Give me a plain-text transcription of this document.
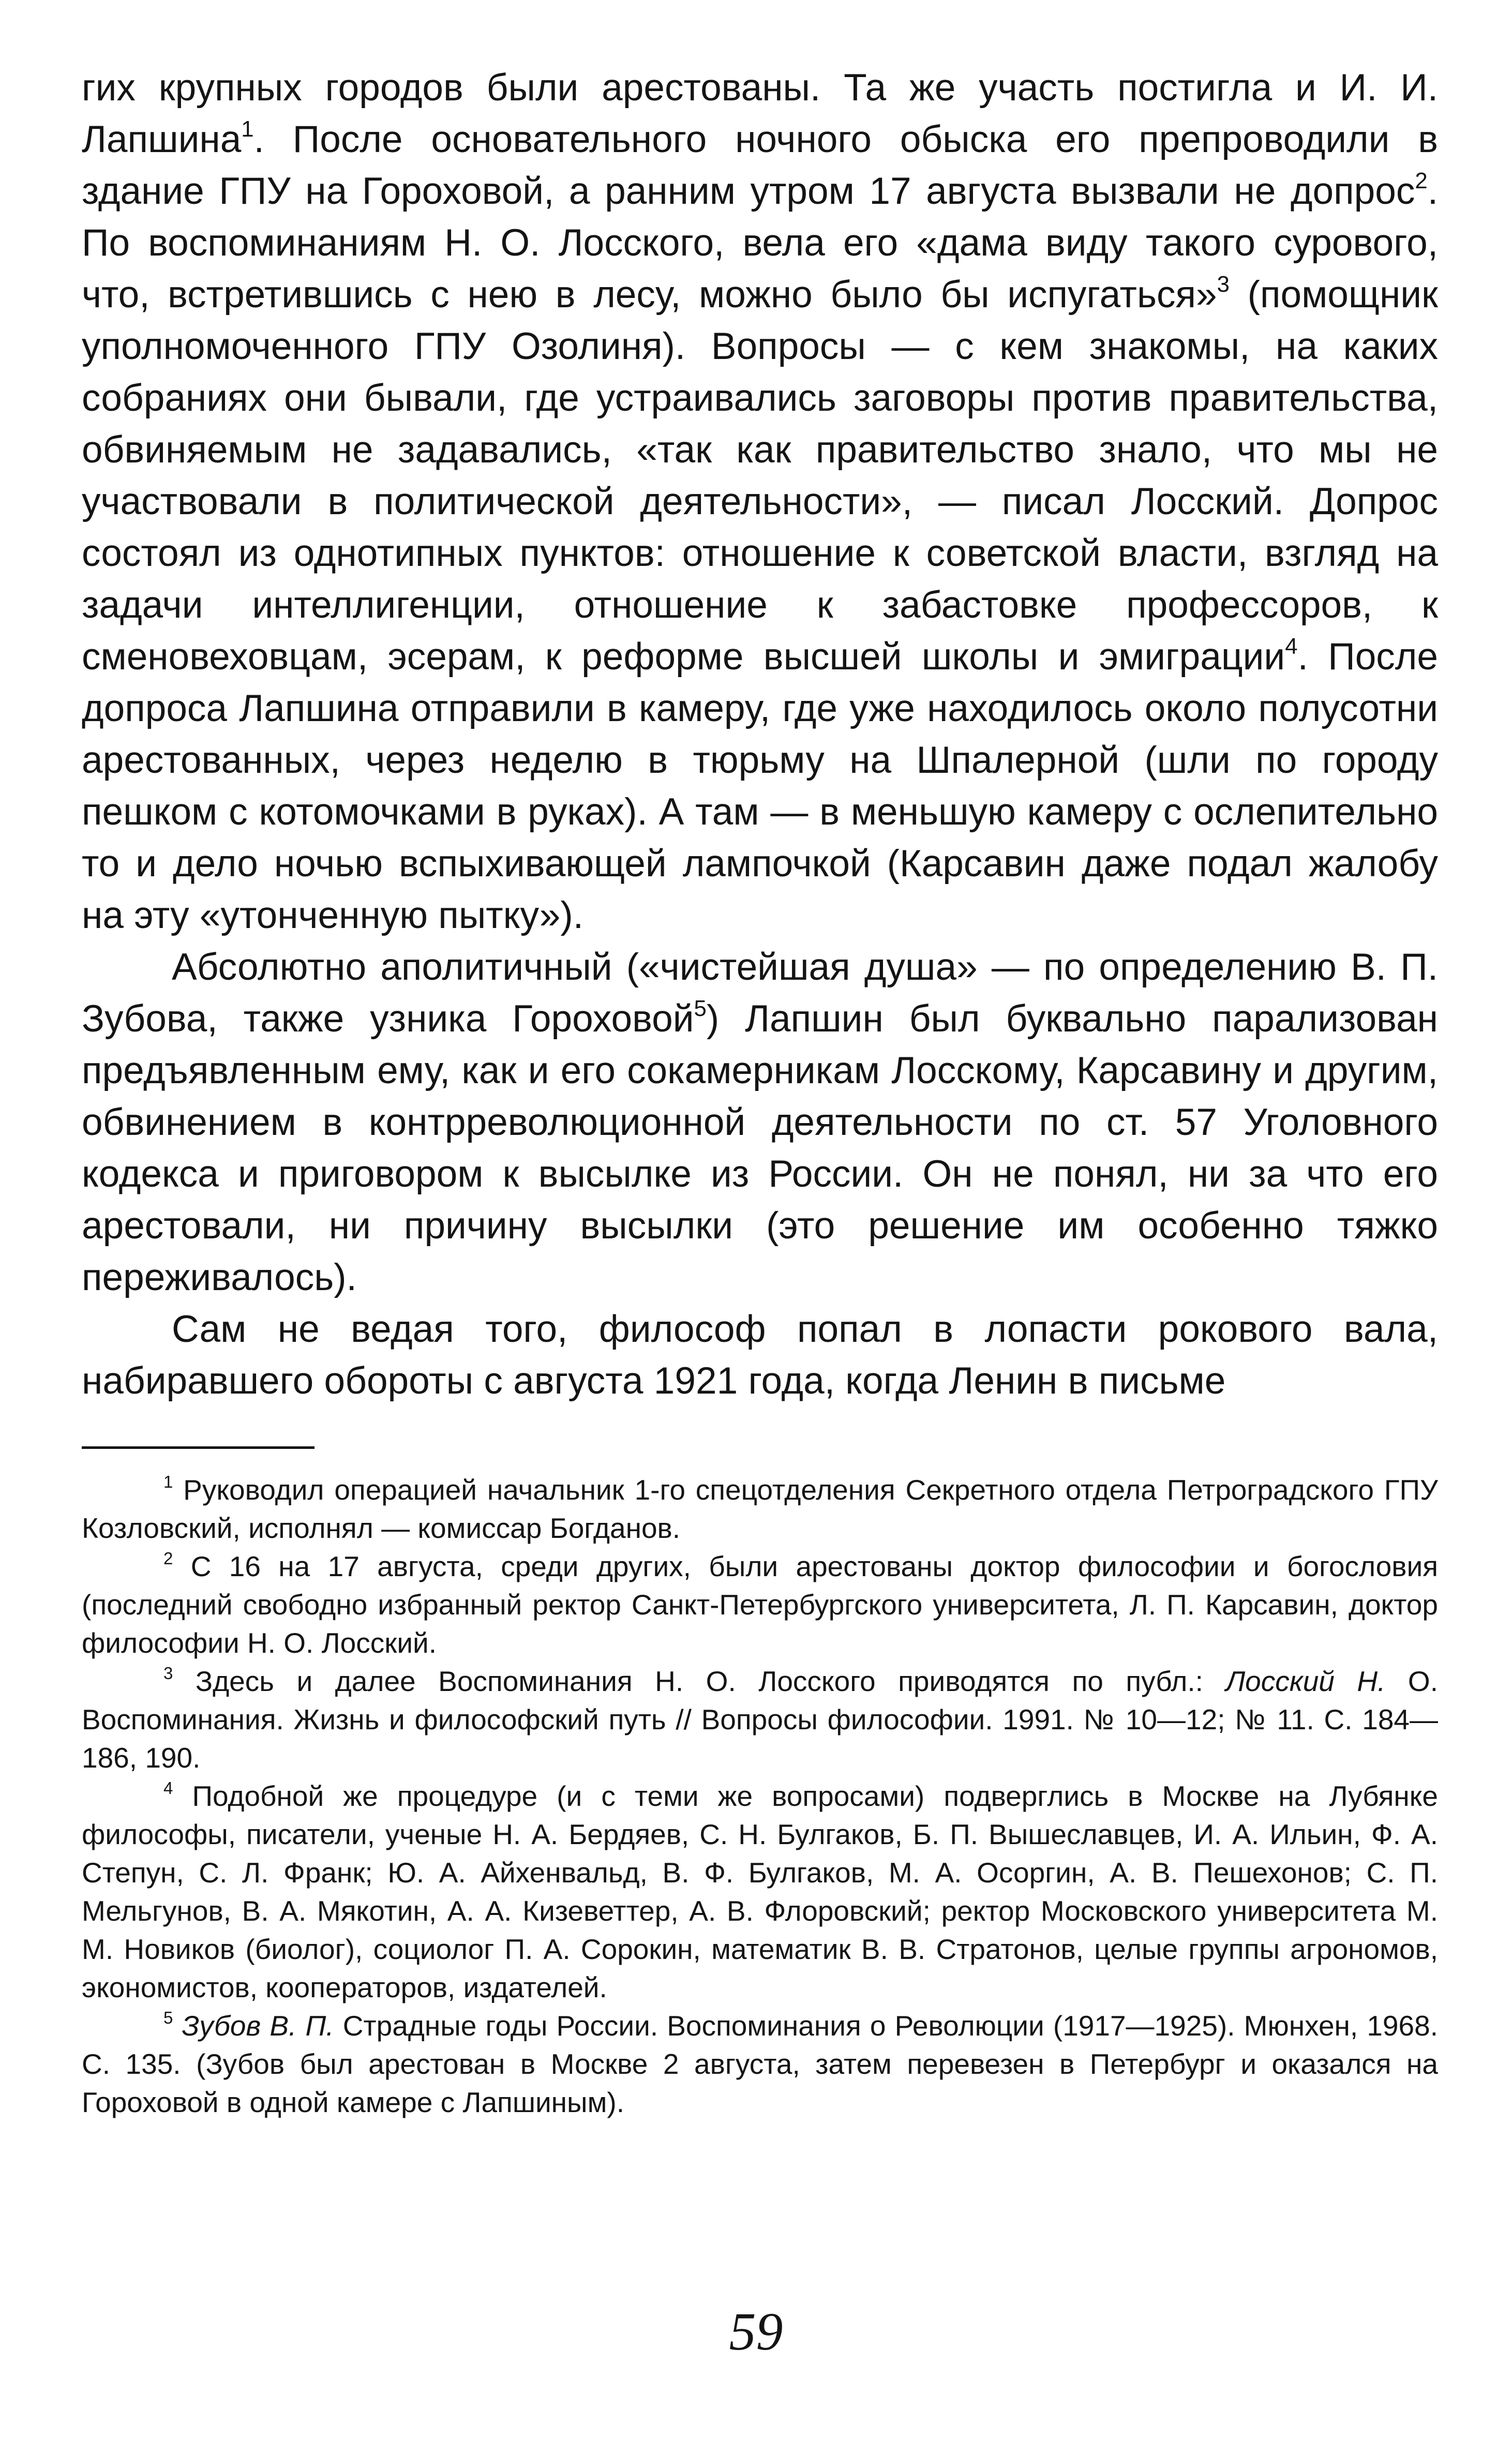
гих крупных городов были арестованы. Та же участь постигла и И. И. Лапшина$^1$. После основательного ночного обыска его препроводили в здание ГПУ на Гороховой, а ранним утром 17 августа вызвали не допрос$^2$. По воспоминаниям Н. О. Лосского, вела его «дама виду такого сурового, что, встретившись с нею в лесу, можно было бы испугаться»$^3$ (помощник уполномоченного ГПУ Озолиня). Вопросы — с кем знакомы, на каких собраниях они бывали, где устраивались заговоры против правительства, обвиняемым не задавались, «так как правительство знало, что мы не участвовали в политической деятельности», — писал Лосский. Допрос состоял из однотипных пунктов: отношение к советской власти, взгляд на задачи интеллигенции, отношение к забастовке профессоров, к сменовеховцам, эсерам, к реформе высшей школы и эмиграции$^4$. После допроса Лапшина отправили в камеру, где уже находилось около полусотни арестованных, через неделю в тюрьму на Шпалерной (шли по городу пешком с котомочками в руках). А там — в меньшую камеру с ослепительно то и дело ночью вспыхивающей лампочкой (Карсавин даже подал жалобу на эту «утонченную пытку»).

Абсолютно аполитичный («чистейшая душа» — по определению В. П. Зубова, также узника Гороховой$^5$) Лапшин был буквально парализован предъявленным ему, как и его сокамерникам Лосскому, Карсавину и другим, обвинением в контрреволюционной деятельности по ст. 57 Уголовного кодекса и приговором к высылке из России. Он не понял, ни за что его арестовали, ни причину высылки (это решение им особенно тяжко переживалось).

Сам не ведая того, философ попал в лопасти рокового вала, набиравшего обороты с августа 1921 года, когда Ленин в письме

$^1$ Руководил операцией начальник 1-го спецотделения Секретного отдела Петроградского ГПУ Козловский, исполнял — комиссар Богданов.

$^2$ С 16 на 17 августа, среди других, были арестованы доктор философии и богословия (последний свободно избранный ректор Санкт-Петербургского университета, Л. П. Карсавин, доктор философии Н. О. Лосский.

$^3$ Здесь и далее Воспоминания Н. О. Лосского приводятся по публ.: Лосский Н. О. Воспоминания. Жизнь и философский путь // Вопросы философии. 1991. № 10—12; № 11. С. 184—186, 190.

$^4$ Подобной же процедуре (и с теми же вопросами) подверглись в Москве на Лубянке философы, писатели, ученые Н. А. Бердяев, С. Н. Булгаков, Б. П. Вышеславцев, И. А. Ильин, Ф. А. Степун, С. Л. Франк; Ю. А. Айхенвальд, В. Ф. Булгаков, М. А. Осоргин, А. В. Пешехонов; С. П. Мельгунов, В. А. Мякотин, А. А. Кизеветтер, А. В. Флоровский; ректор Московского университета М. М. Новиков (биолог), социолог П. А. Сорокин, математик В. В. Стратонов, целые группы агрономов, экономистов, кооператоров, издателей.

$^5$ Зубов В. П. Страдные годы России. Воспоминания о Революции (1917—1925). Мюнхен, 1968. С. 135. (Зубов был арестован в Москве 2 августа, затем перевезен в Петербург и оказался на Гороховой в одной камере с Лапшиным).

59
